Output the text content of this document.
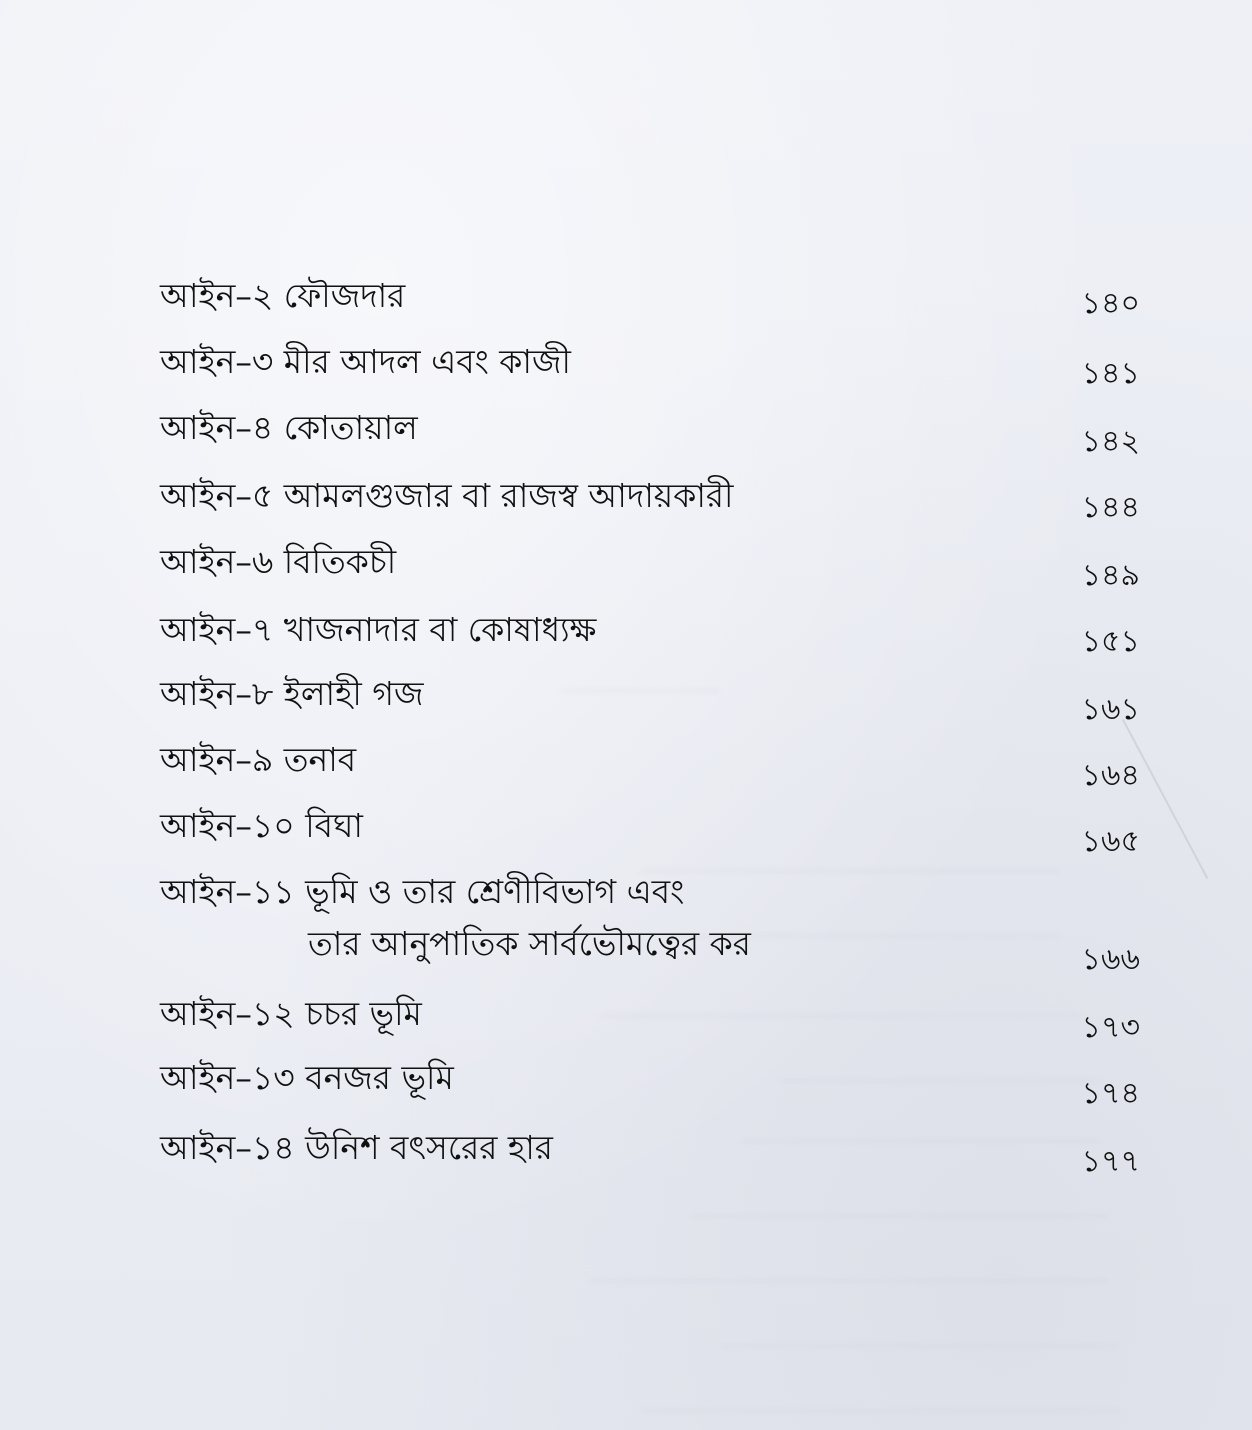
আইন–২ ফৌজদার	১৪০
আইন–৩ মীর আদল এবং কাজী	১৪১
আইন–৪ কোতায়াল	১৪২
আইন–৫ আমলগুজার বা রাজস্ব আদায়কারী	১৪৪
আইন–৬ বিতিকচী	১৪৯
আইন–৭ খাজনাদার বা কোষাধ্যক্ষ	১৫১
আইন–৮ ইলাহী গজ	১৬১
আইন–৯ তনাব	১৬৪
আইন–১০ বিঘা	১৬৫
আইন–১১ ভূমি ও তার শ্রেণীবিভাগ এবং
তার আনুপাতিক সার্বভৌমত্বের কর	১৬৬
আইন–১২ চচর ভূমি	১৭৩
আইন–১৩ বনজর ভূমি	১৭৪
আইন–১৪ উনিশ বৎসরের হার	১৭৭
